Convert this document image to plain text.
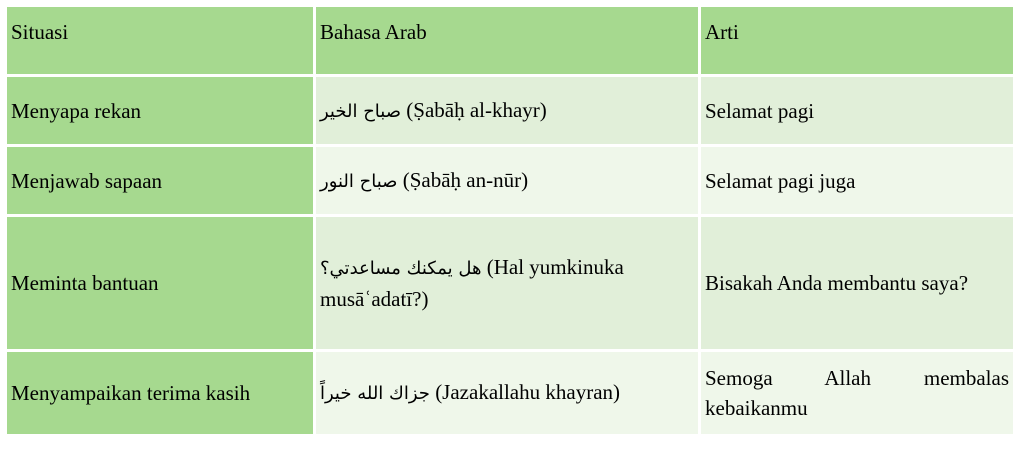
Situasi	Bahasa Arab	Arti
Menyapa rekan	صباح الخير (Ṣabāḥ al-khayr)	Selamat pagi
Menjawab sapaan	صباح النور (Ṣabāḥ an-nūr)	Selamat pagi juga
Meminta bantuan	هل يمكنك مساعدتي؟ (Hal yumkinuka musāʿadatī?)	Bisakah Anda membantu saya?
Menyampaikan terima kasih	جزاك الله خيراً (Jazakallahu khayran)	Semoga Allah membalas kebaikanmu
